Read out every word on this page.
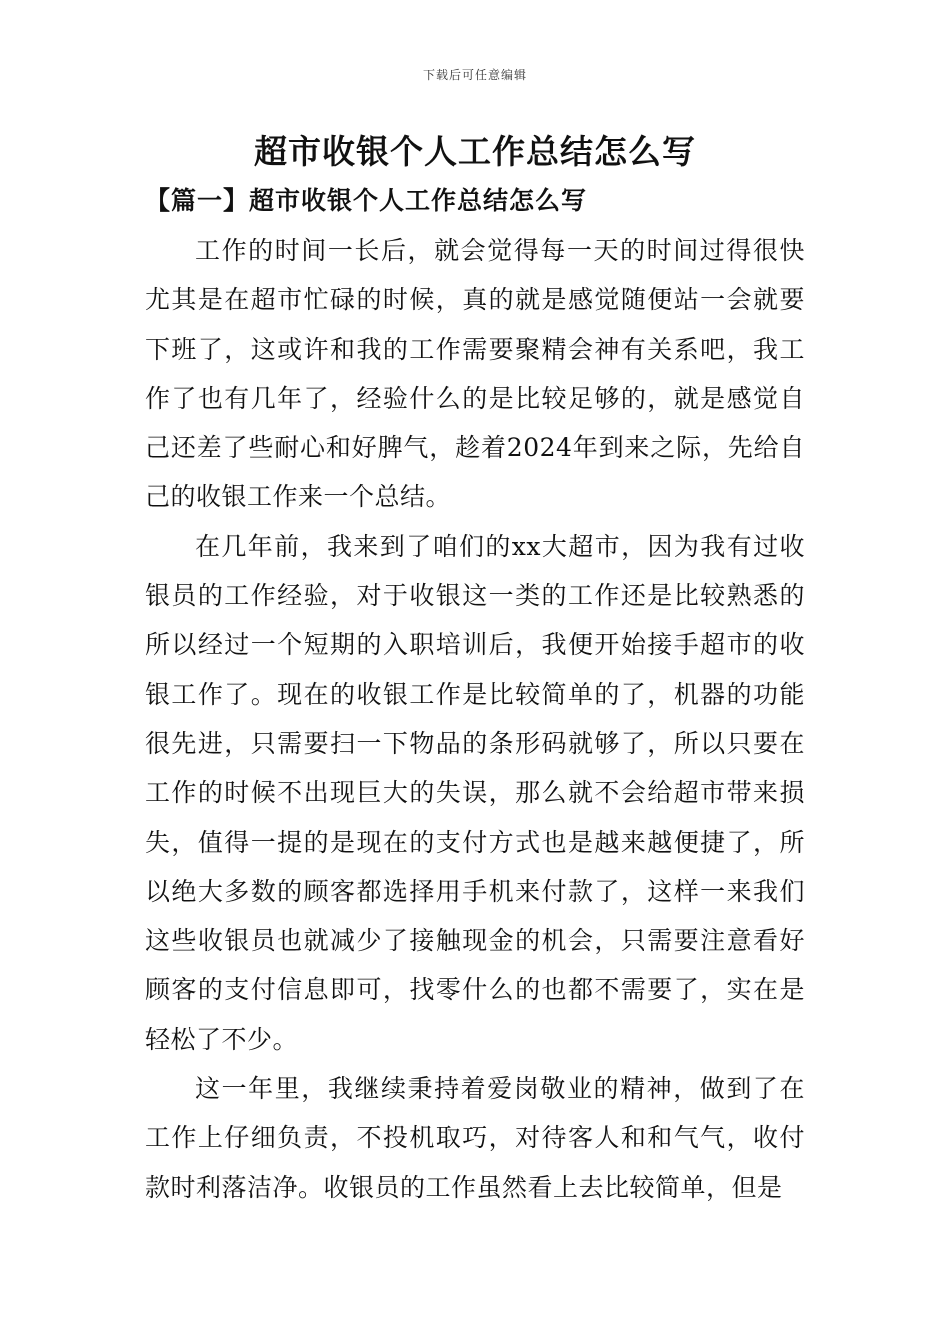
下载后可任意编辑
超市收银个人工作总结怎么写
【篇一】超市收银个人工作总结怎么写

工作的时间一长后，就会觉得每一天的时间过得很快尤其是在超市忙碌的时候，真的就是感觉随便站一会就要下班了，这或许和我的工作需要聚精会神有关系吧，我工作了也有几年了，经验什么的是比较足够的，就是感觉自己还差了些耐心和好脾气，趁着2024年到来之际，先给自己的收银工作来一个总结。

在几年前，我来到了咱们的xx大超市，因为我有过收银员的工作经验，对于收银这一类的工作还是比较熟悉的所以经过一个短期的入职培训后，我便开始接手超市的收银工作了。现在的收银工作是比较简单的了，机器的功能很先进，只需要扫一下物品的条形码就够了，所以只要在工作的时候不出现巨大的失误，那么就不会给超市带来损失，值得一提的是现在的支付方式也是越来越便捷了，所以绝大多数的顾客都选择用手机来付款了，这样一来我们这些收银员也就减少了接触现金的机会，只需要注意看好顾客的支付信息即可，找零什么的也都不需要了，实在是轻松了不少。

这一年里，我继续秉持着爱岗敬业的精神，做到了在工作上仔细负责，不投机取巧，对待客人和和气气，收付款时利落洁净。收银员的工作虽然看上去比较简单，但是
